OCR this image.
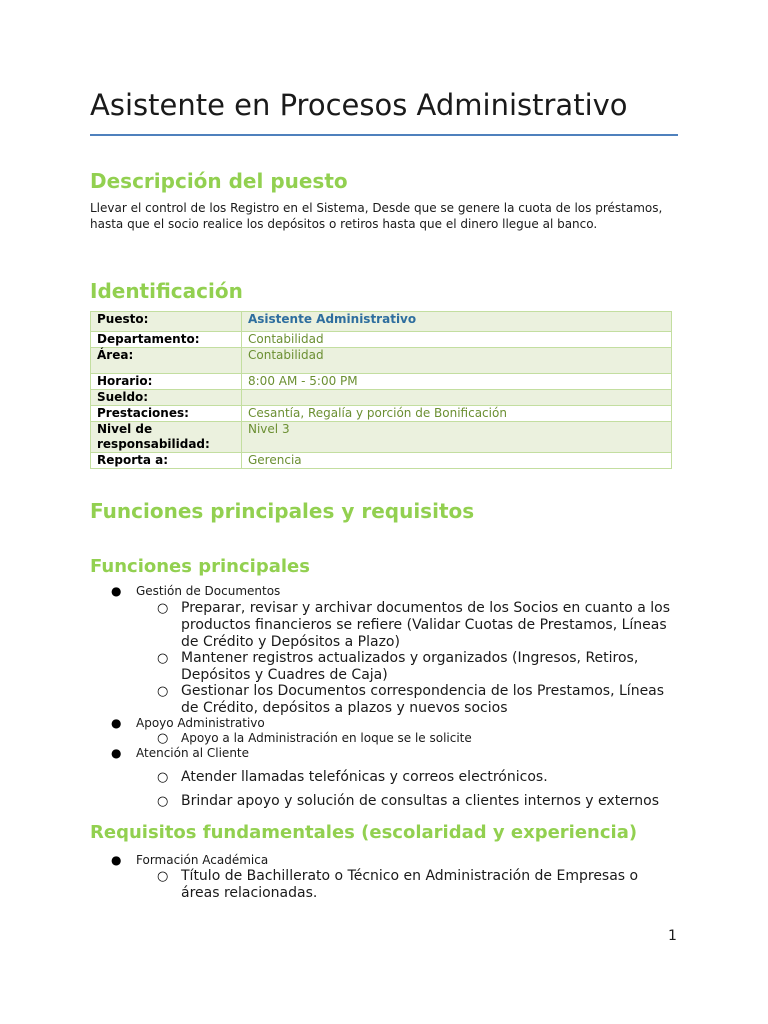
Asistente en Procesos Administrativo
Descripción del puesto

Llevar el control de los Registro en el Sistema, Desde que se genere la cuota de los préstamos, hasta que el socio realice los depósitos o retiros hasta que el dinero llegue al banco.

Identificación
Puesto:	Asistente Administrativo
Departamento:	Contabilidad
Área:	Contabilidad
Horario:	8:00 AM - 5:00 PM
Sueldo:	
Prestaciones:	Cesantía, Regalía y porción de Bonificación
Nivel de responsabilidad:	Nivel 3
Reporta a:	Gerencia
Funciones principales y requisitos
Funciones principales
● Gestión de Documentos
○ Preparar, revisar y archivar documentos de los Socios en cuanto a los productos financieros se refiere (Validar Cuotas de Prestamos, Líneas de Crédito y Depósitos a Plazo)
○ Mantener registros actualizados y organizados (Ingresos, Retiros, Depósitos y Cuadres de Caja)
○ Gestionar los Documentos correspondencia de los Prestamos, Líneas de Crédito, depósitos a plazos y nuevos socios
● Apoyo Administrativo
○ Apoyo a la Administración en loque se le solicite
● Atención al Cliente
○ Atender llamadas telefónicas y correos electrónicos.
○ Brindar apoyo y solución de consultas a clientes internos y externos
Requisitos fundamentales (escolaridad y experiencia)
● Formación Académica
○ Título de Bachillerato o Técnico en Administración de Empresas o áreas relacionadas.
1
